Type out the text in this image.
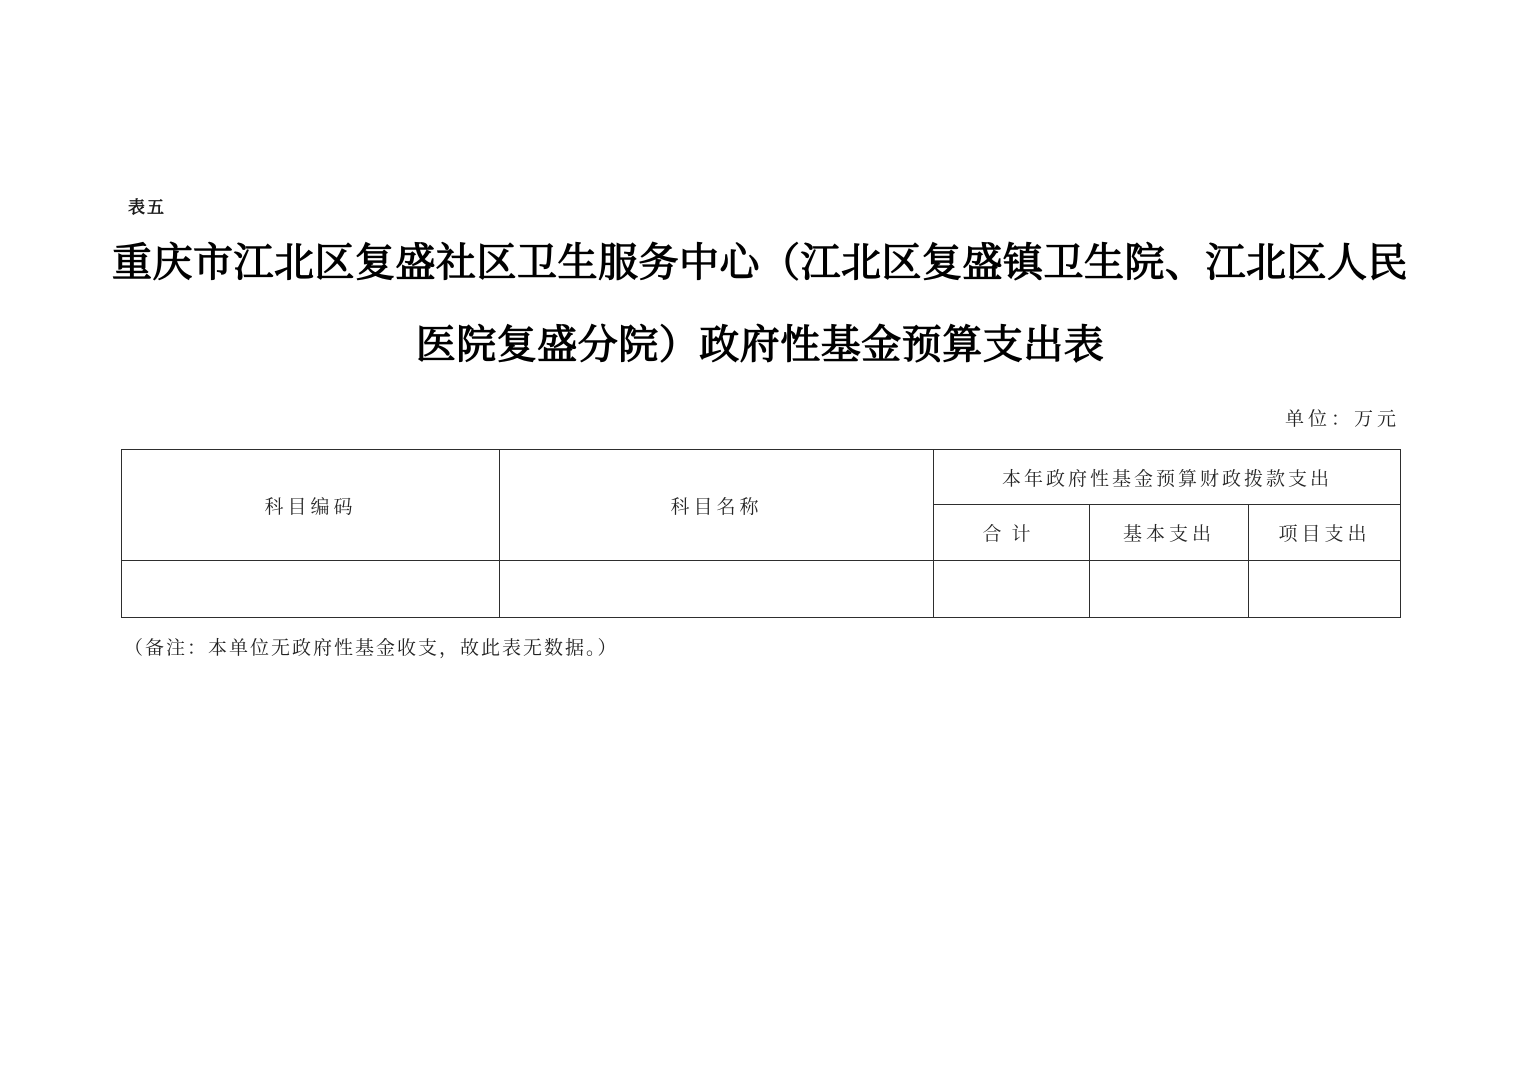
表五
重庆市江北区复盛社区卫生服务中心（江北区复盛镇卫生院、江北区人民
医院复盛分院）政府性基金预算支出表
单位：万元
科目编码	科目名称	本年政府性基金预算财政拨款支出		
		合计	基本支出	项目支出

（备注：本单位无政府性基金收支，故此表无数据。）
